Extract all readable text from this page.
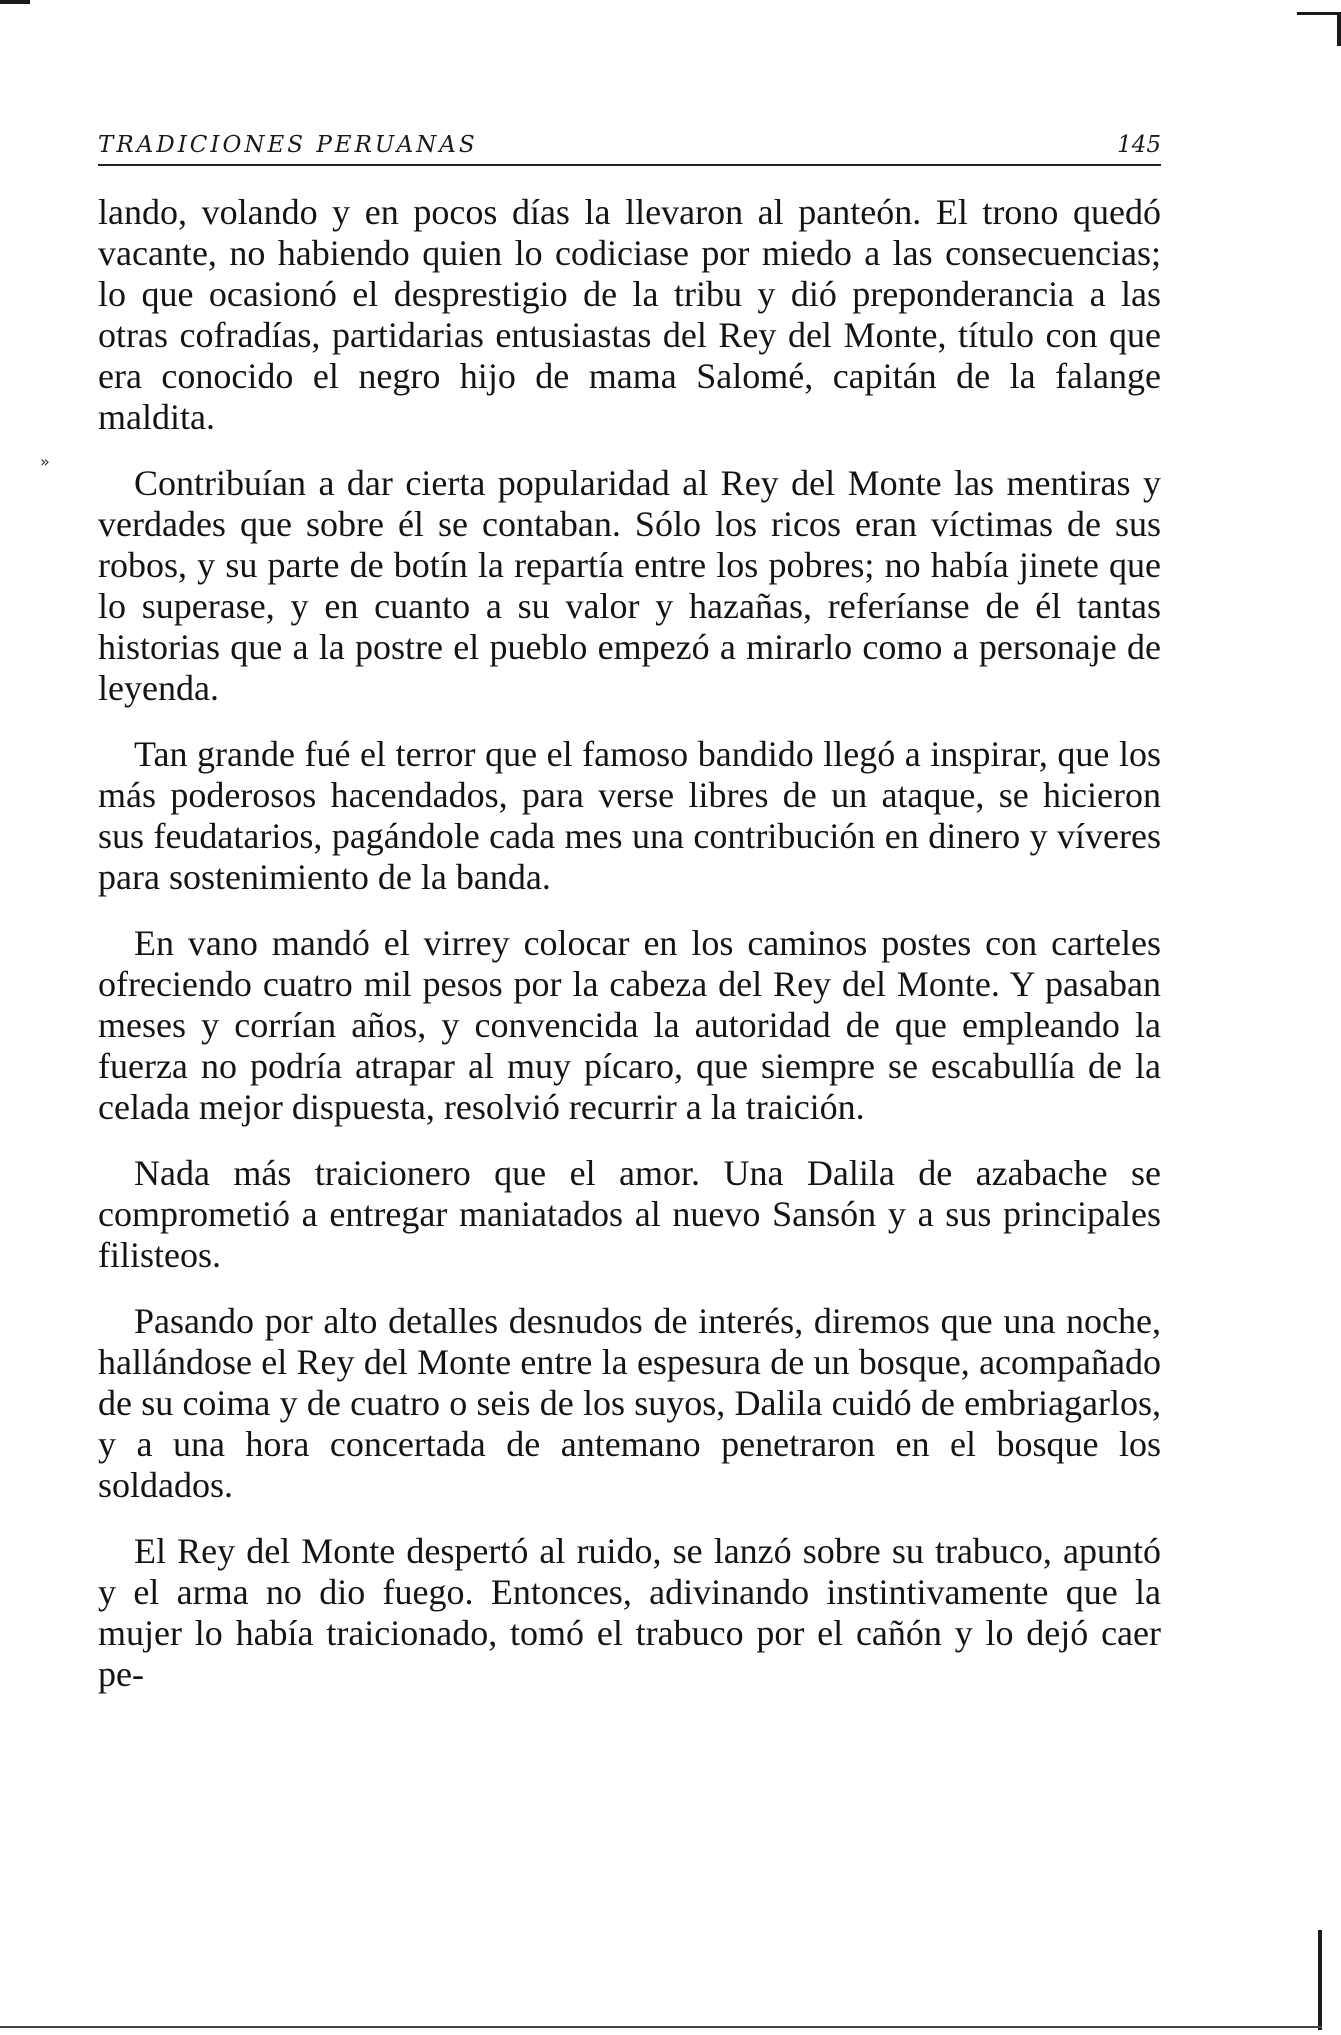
TRADICIONES PERUANAS	145
»

lando, volando y en pocos días la llevaron al panteón. El trono quedó vacante, no habiendo quien lo codiciase por miedo a las consecuencias; lo que ocasionó el desprestigio de la tribu y dió preponderancia a las otras cofradías, partidarias entusiastas del Rey del Monte, título con que era conocido el negro hijo de mama Salomé, capitán de la falange maldita.

Contribuían a dar cierta popularidad al Rey del Monte las mentiras y verdades que sobre él se contaban. Sólo los ricos eran víctimas de sus robos, y su parte de botín la repartía entre los pobres; no había jinete que lo superase, y en cuanto a su valor y hazañas, referíanse de él tantas historias que a la postre el pueblo empezó a mirarlo como a personaje de leyenda.

Tan grande fué el terror que el famoso bandido llegó a inspirar, que los más poderosos hacendados, para verse libres de un ataque, se hicieron sus feudatarios, pagándole cada mes una contribución en dinero y víveres para sostenimiento de la banda.

En vano mandó el virrey colocar en los caminos postes con carteles ofreciendo cuatro mil pesos por la cabeza del Rey del Monte. Y pasaban meses y corrían años, y convencida la autoridad de que empleando la fuerza no podría atrapar al muy pícaro, que siempre se escabullía de la celada mejor dispuesta, resolvió recurrir a la traición.

Nada más traicionero que el amor. Una Dalila de azabache se comprometió a entregar maniatados al nuevo Sansón y a sus principales filisteos.

Pasando por alto detalles desnudos de interés, diremos que una noche, hallándose el Rey del Monte entre la espesura de un bosque, acompañado de su coima y de cuatro o seis de los suyos, Dalila cuidó de embriagarlos, y a una hora concertada de antemano penetraron en el bosque los soldados.

El Rey del Monte despertó al ruido, se lanzó sobre su trabuco, apuntó y el arma no dio fuego. Entonces, adivinando instintivamente que la mujer lo había traicionado, tomó el trabuco por el cañón y lo dejó caer pe-
